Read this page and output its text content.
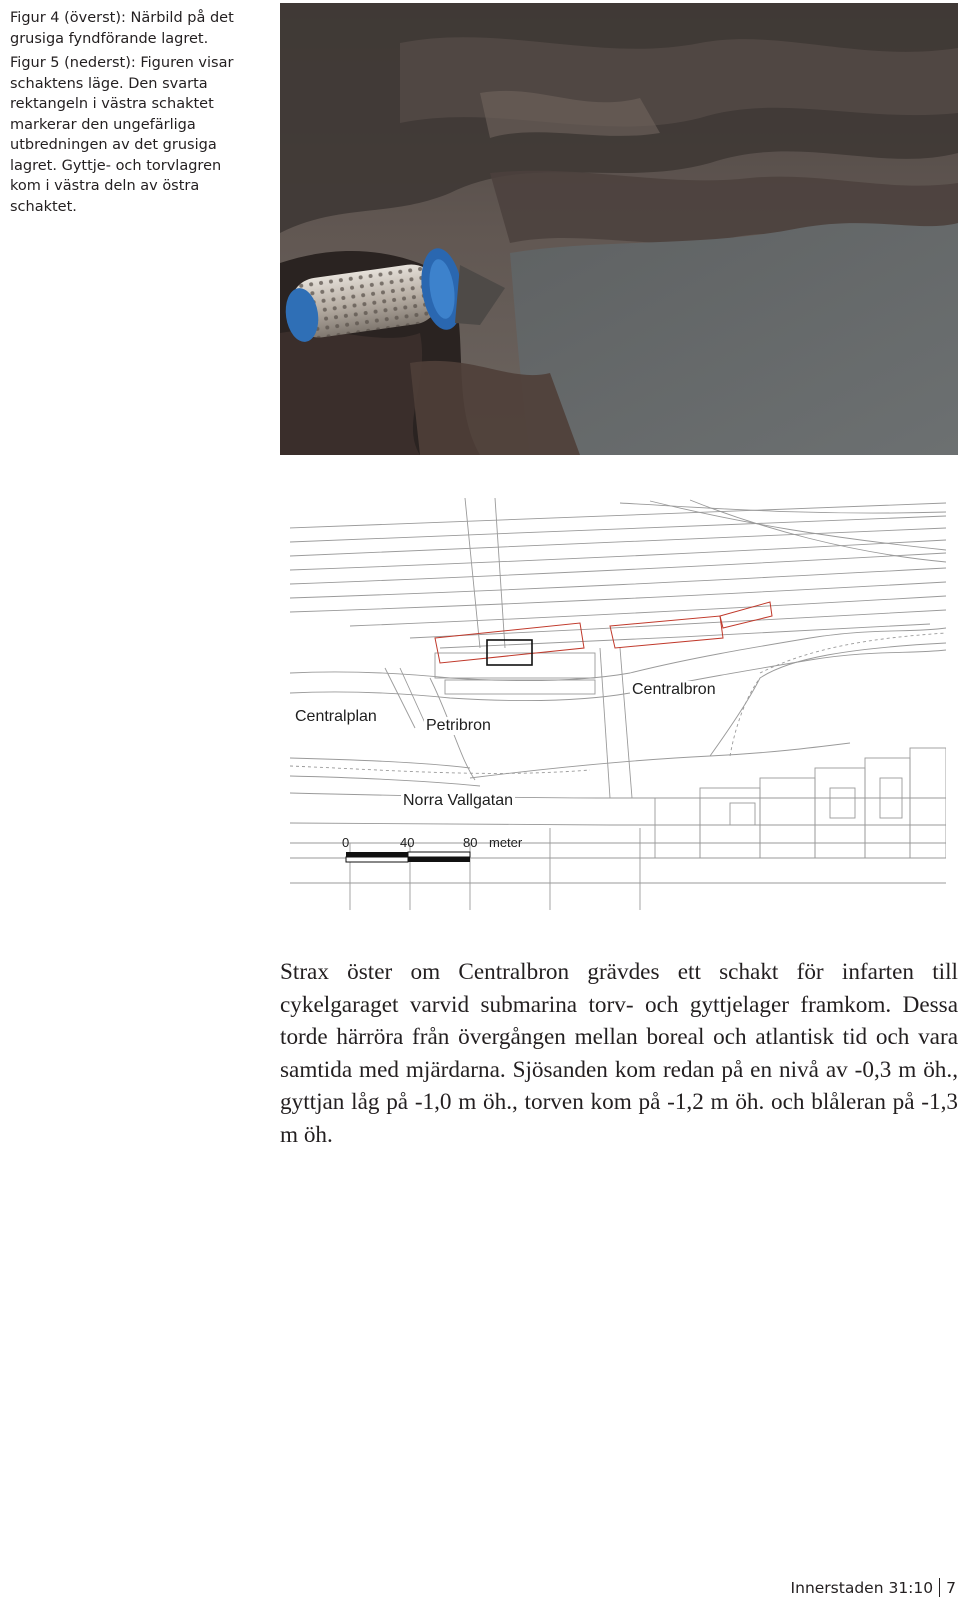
Figur 4 (överst): Närbild på det grusiga fyndförande lagret.

Figur 5 (nederst): Figuren visar schaktens läge. Den svarta rektangeln i västra schaktet markerar den ungefärliga utbredningen av det grusiga lagret. Gyttje- och torvlagren kom i västra deln av östra schaktet.

Centralplan
Petribron
Centralbron
Norra Vallgatan
0	40	80 meter

Strax öster om Centralbron grävdes ett schakt för infarten till cykelgaraget varvid submarina torv- och gyttjelager framkom. Dessa torde härröra från övergången mellan boreal och atlantisk tid och vara samtida med mjärdarna. Sjösanden kom redan på en nivå av -0,3 m öh., gyttjan låg på -1,0 m öh., torven kom på -1,2 m öh. och blåleran på -1,3 m öh.

Innerstaden 31:10 7
